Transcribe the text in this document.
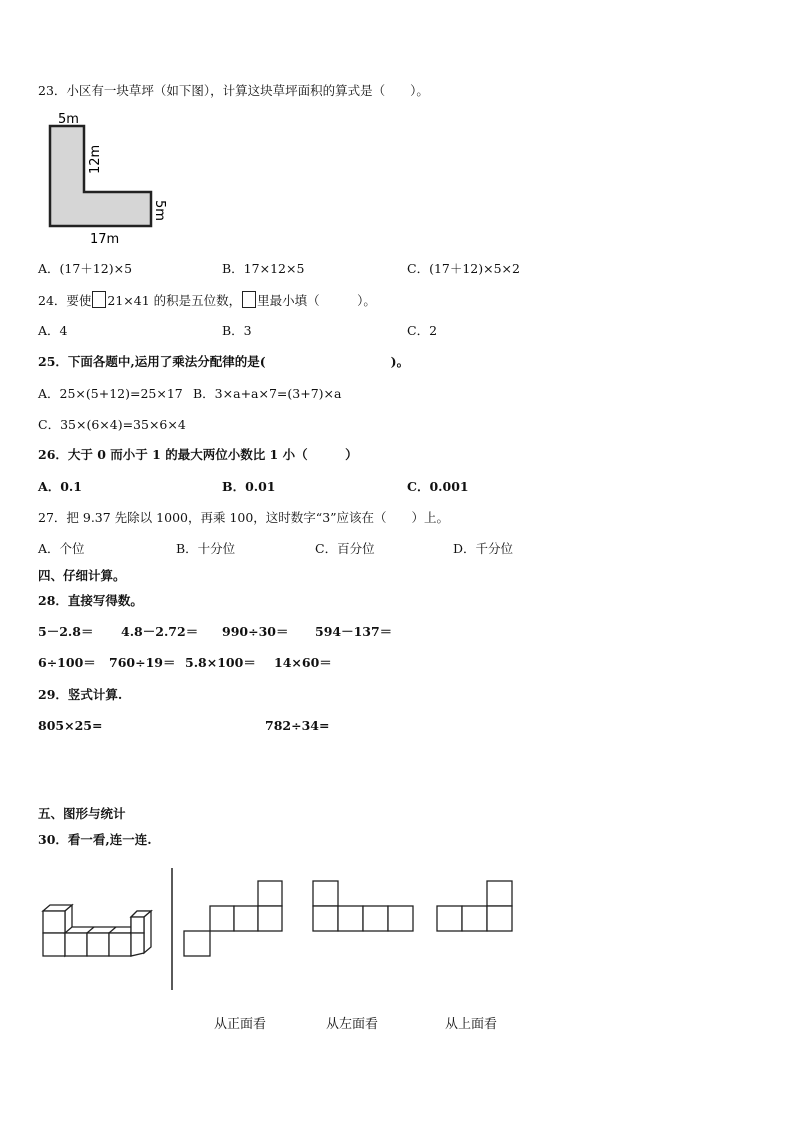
23．小区有一块草坪（如下图），计算这块草坪面积的算式是（　　）。
5m
12m
5m
17m
A．(17＋12)×5	B．17×12×5	C．(17＋12)×5×2
24．要使 21×41 的积是五位数， 里最小填（　　　）。
A．4	B．3	C．2
25．下面各题中,运用了乘法分配律的是(　　　　　　　　　　)。
A．25×(5+12)=25×17 B．3×a+a×7=(3+7)×a
C．35×(6×4)=35×6×4
26．大于 0 而小于 1 的最大两位小数比 1 小（　　　）
A．0.1	B．0.01	C．0.001
27．把 9.37 先除以 1000，再乘 100，这时数字“3”应该在（　　）上。
A．个位	B．十分位	C．百分位	D．千分位
四、仔细计算。
28．直接写得数。
5－2.8＝ 4.8－2.72＝ 990÷30＝ 594－137＝
6÷100＝ 760÷19＝ 5.8×100＝ 14×60＝
29．竖式计算.
805×25=	782÷34=
五、图形与统计
30．看一看,连一连.
从正面看	从左面看	从上面看
